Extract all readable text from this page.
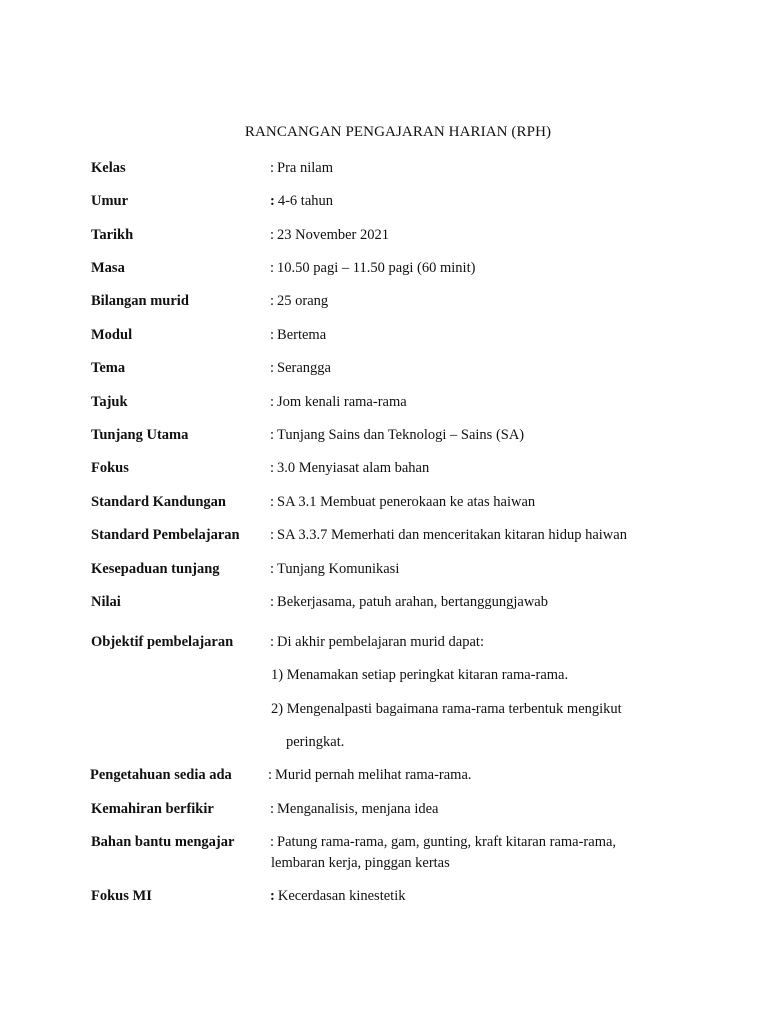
RANCANGAN PENGAJARAN HARIAN (RPH)
Kelas	: Pra nilam
Umur	: 4-6 tahun
Tarikh	: 23 November 2021
Masa	: 10.50 pagi – 11.50 pagi (60 minit)
Bilangan murid	: 25 orang
Modul	: Bertema
Tema	: Serangga
Tajuk	: Jom kenali rama-rama
Tunjang Utama	: Tunjang Sains dan Teknologi – Sains (SA)
Fokus	: 3.0 Menyiasat alam bahan
Standard Kandungan	: SA 3.1 Membuat penerokaan ke atas haiwan
Standard Pembelajaran : SA 3.3.7 Memerhati dan menceritakan kitaran hidup haiwan
Kesepaduan tunjang	: Tunjang Komunikasi
Nilai	: Bekerjasama, patuh arahan, bertanggungjawab
Objektif pembelajaran	: Di akhir pembelajaran murid dapat:
1) Menamakan setiap peringkat kitaran rama-rama.
2) Mengenalpasti bagaimana rama-rama terbentuk mengikut
peringkat.
Pengetahuan sedia ada : Murid pernah melihat rama-rama.
Kemahiran berfikir	: Menganalisis, menjana idea
Bahan bantu mengajar : Patung rama-rama, gam, gunting, kraft kitaran rama-rama,
lembaran kerja, pinggan kertas
Fokus MI	: Kecerdasan kinestetik
